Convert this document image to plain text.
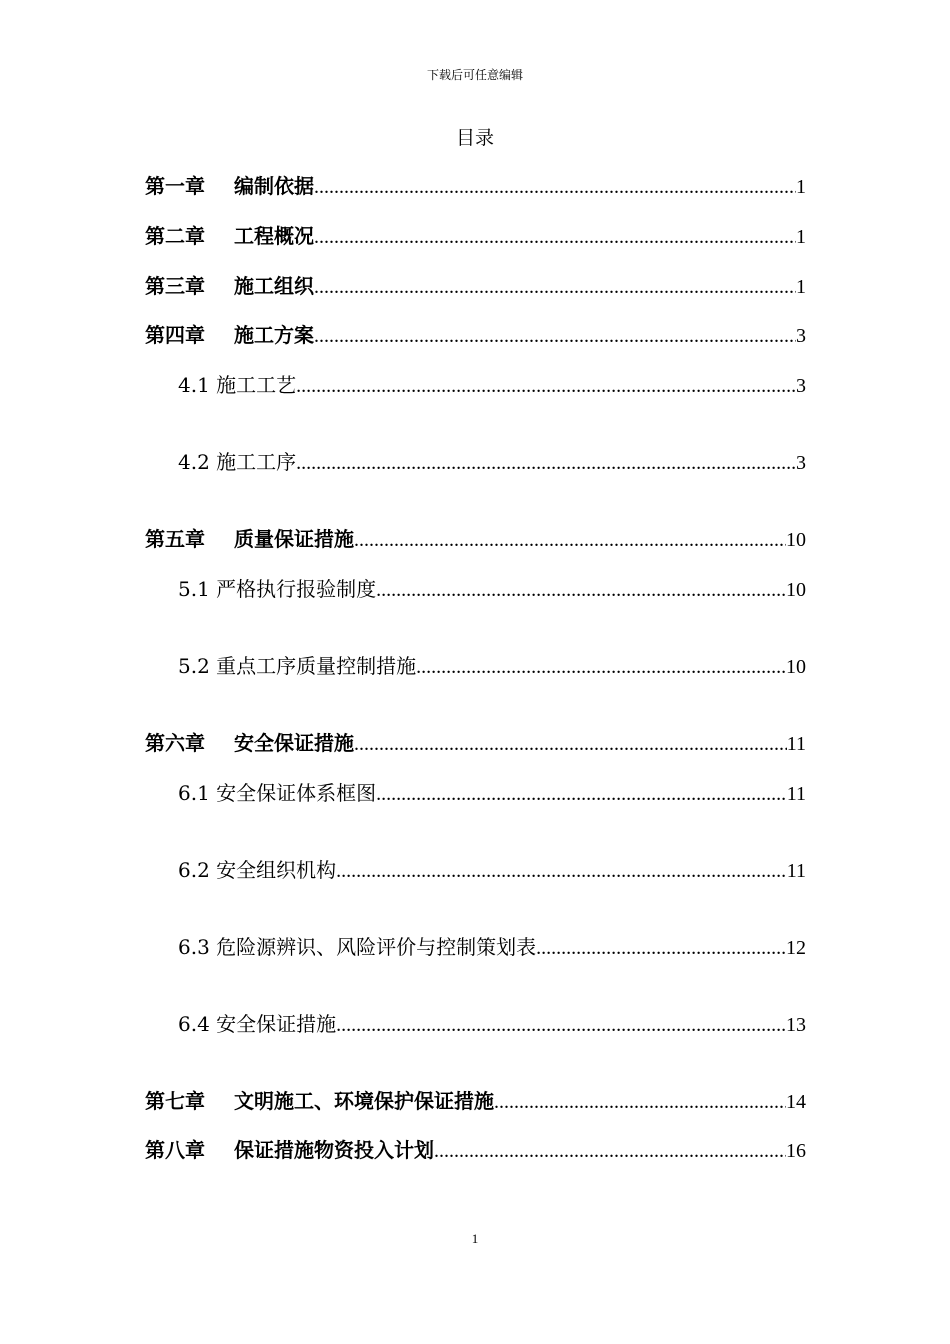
下载后可任意编辑
目录
第一章 编制依据 .....	1
第二章 工程概况 .....	1
第三章 施工组织 .....	1
第四章 施工方案 .....	3
4.1 施工工艺 .....	3
4.2 施工工序 .....	3
第五章 质量保证措施 .....	10
5.1 严格执行报验制度 .....	10
5.2 重点工序质量控制措施 .....	10
第六章 安全保证措施 .....	11
6.1 安全保证体系框图 .....	11
6.2 安全组织机构 .....	11
6.3 危险源辨识、风险评价与控制策划表 .....	12
6.4 安全保证措施 .....	13
第七章 文明施工、环境保护保证措施 .....	14
第八章 保证措施物资投入计划 .....	16
1
